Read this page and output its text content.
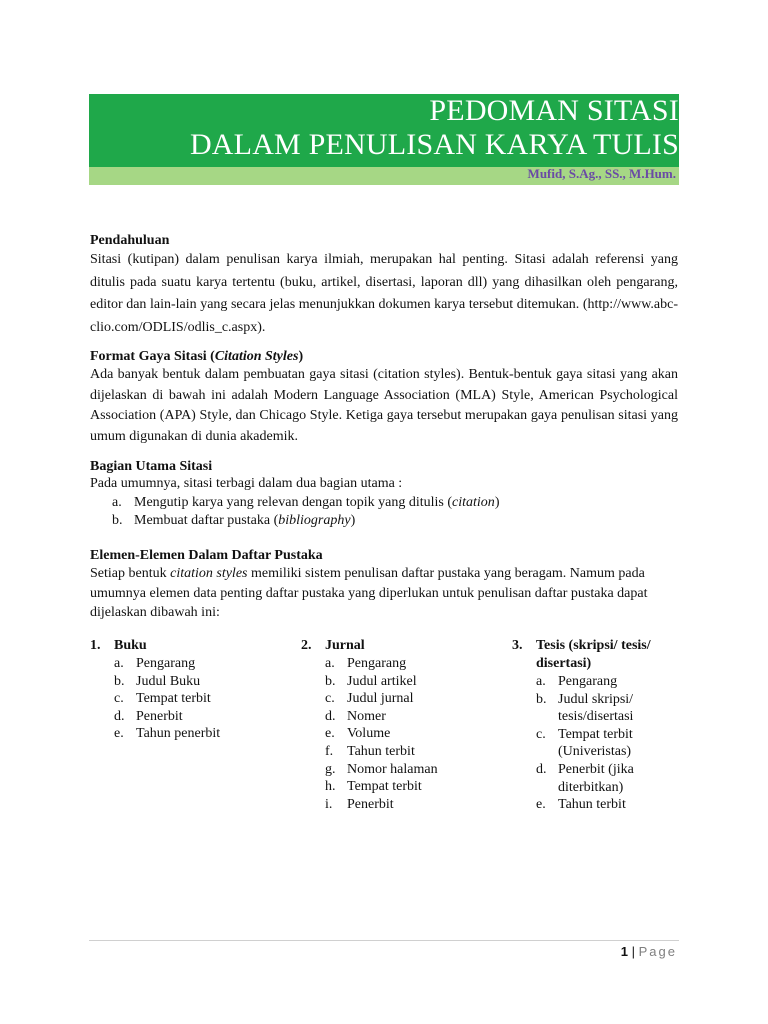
PEDOMAN SITASI
DALAM PENULISAN KARYA TULIS
Mufid, S.Ag., SS., M.Hum.
Pendahuluan
Sitasi (kutipan) dalam penulisan karya ilmiah, merupakan hal penting. Sitasi adalah referensi yang ditulis pada suatu karya tertentu (buku, artikel, disertasi, laporan dll) yang dihasilkan oleh pengarang, editor dan lain-lain yang secara jelas menunjukkan dokumen karya tersebut ditemukan. (http://www.abc-clio.com/ODLIS/odlis_c.aspx).
Format Gaya Sitasi (Citation Styles)
Ada banyak bentuk dalam pembuatan gaya sitasi (citation styles). Bentuk-bentuk gaya sitasi yang akan dijelaskan di bawah ini adalah Modern Language Association (MLA) Style, American Psychological Association (APA) Style, dan Chicago Style. Ketiga gaya tersebut merupakan gaya penulisan sitasi yang umum digunakan di dunia akademik.
Bagian Utama Sitasi
Pada umumnya, sitasi terbagi dalam dua bagian utama :
a. Mengutip karya yang relevan dengan topik yang ditulis (citation)
b. Membuat daftar pustaka (bibliography)
Elemen-Elemen Dalam Daftar Pustaka
Setiap bentuk citation styles memiliki sistem penulisan daftar pustaka yang beragam. Namum pada umumnya elemen data penting daftar pustaka yang diperlukan untuk penulisan daftar pustaka dapat dijelaskan dibawah ini:
1. Buku
a. Pengarang
b. Judul Buku
c. Tempat terbit
d. Penerbit
e. Tahun penerbit
2. Jurnal
a. Pengarang
b. Judul artikel
c. Judul jurnal
d. Nomer
e. Volume
f. Tahun terbit
g. Nomor halaman
h. Tempat terbit
i. Penerbit
3. Tesis (skripsi/ tesis/ disertasi)
a. Pengarang
b. Judul skripsi/ tesis/disertasi
c. Tempat terbit (Univeristas)
d. Penerbit (jika diterbitkan)
e. Tahun terbit
1 | Page
